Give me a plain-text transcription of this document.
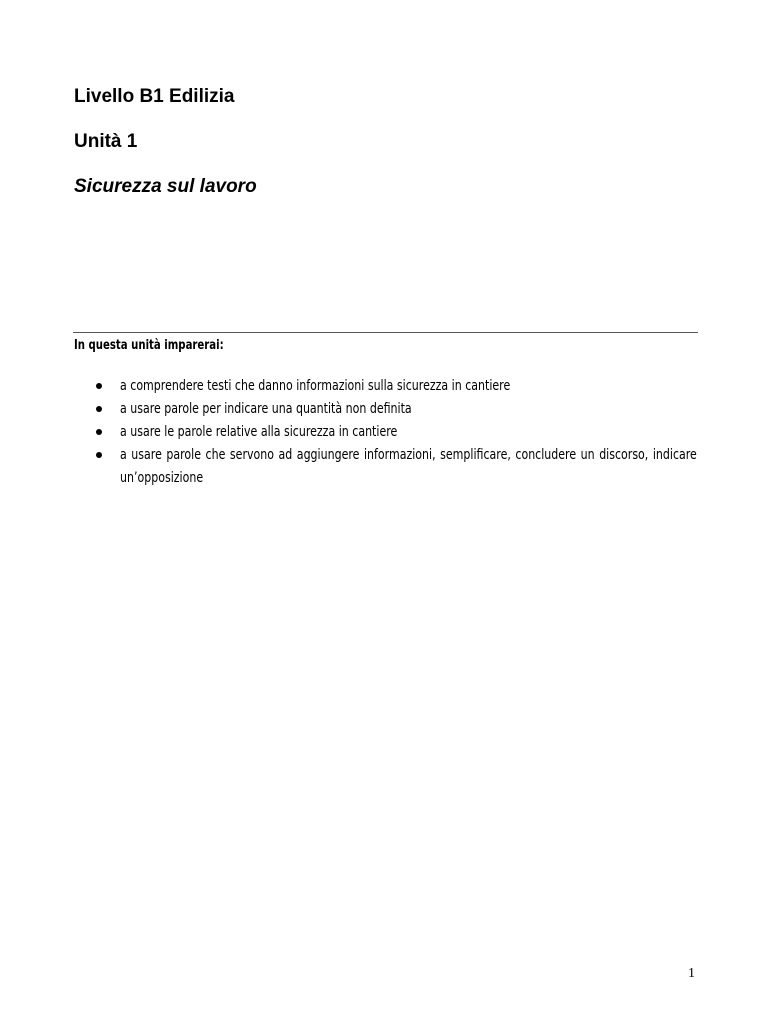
Livello B1 Edilizia
Unità 1
Sicurezza sul lavoro
In questa unità imparerai:
a comprendere testi che danno informazioni sulla sicurezza in cantiere
a usare parole per indicare una quantità non definita
a usare le parole relative alla sicurezza in cantiere
a usare parole che servono ad aggiungere informazioni, semplificare, concludere un discorso, indicare un’opposizione
1
